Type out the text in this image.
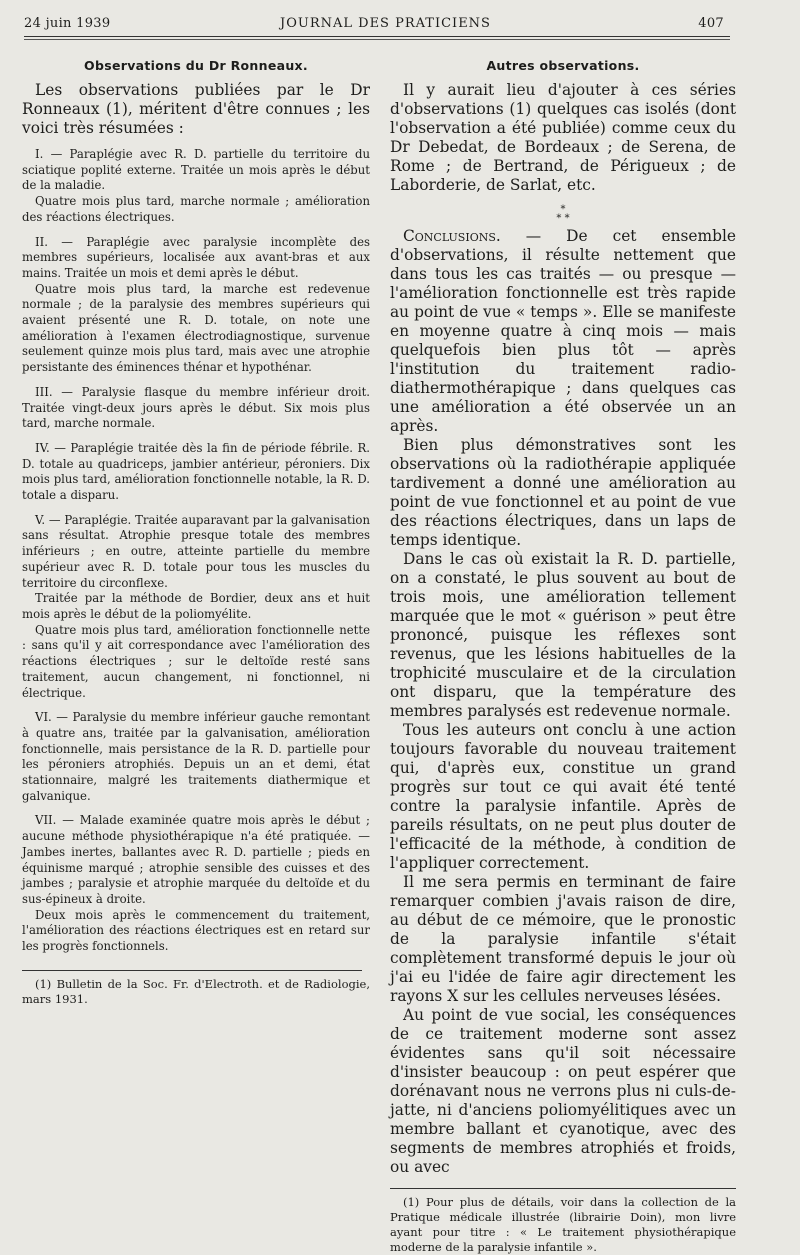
24 juin 1939	JOURNAL DES PRATICIENS	407

Observations du Dr Ronneaux.

Les observations publiées par le Dr Ronneaux (1), méritent d'être connues ; les voici très résumées :

I. — Paraplégie avec R. D. partielle du territoire du sciatique poplité externe. Traitée un mois après le début de la maladie.

Quatre mois plus tard, marche normale ; amélioration des réactions électriques.

II. — Paraplégie avec paralysie incomplète des membres supérieurs, localisée aux avant-bras et aux mains. Traitée un mois et demi après le début.

Quatre mois plus tard, la marche est redevenue normale ; de la paralysie des membres supérieurs qui avaient présenté une R. D. totale, on note une amélioration à l'examen électrodiagnostique, survenue seulement quinze mois plus tard, mais avec une atrophie persistante des éminences thénar et hypothénar.

III. — Paralysie flasque du membre inférieur droit. Traitée vingt-deux jours après le début. Six mois plus tard, marche normale.

IV. — Paraplégie traitée dès la fin de période fébrile. R. D. totale au quadriceps, jambier antérieur, péroniers. Dix mois plus tard, amélioration fonctionnelle notable, la R. D. totale a disparu.

V. — Paraplégie. Traitée auparavant par la galvanisation sans résultat. Atrophie presque totale des membres inférieurs ; en outre, atteinte partielle du membre supérieur avec R. D. totale pour tous les muscles du territoire du circonflexe.

Traitée par la méthode de Bordier, deux ans et huit mois après le début de la poliomyélite.

Quatre mois plus tard, amélioration fonctionnelle nette : sans qu'il y ait correspondance avec l'amélioration des réactions électriques ; sur le deltoïde resté sans traitement, aucun changement, ni fonctionnel, ni électrique.

VI. — Paralysie du membre inférieur gauche remontant à quatre ans, traitée par la galvanisation, amélioration fonctionnelle, mais persistance de la R. D. partielle pour les péroniers atrophiés. Depuis un an et demi, état stationnaire, malgré les traitements diathermique et galvanique.

VII. — Malade examinée quatre mois après le début ; aucune méthode physiothérapique n'a été pratiquée. — Jambes inertes, ballantes avec R. D. partielle ; pieds en équinisme marqué ; atrophie sensible des cuisses et des jambes ; paralysie et atrophie marquée du deltoïde et du sus-épineux à droite.

Deux mois après le commencement du traitement, l'amélioration des réactions électriques est en retard sur les progrès fonctionnels.

(1) Bulletin de la Soc. Fr. d'Electroth. et de Radiologie, mars 1931.

Autres observations.

Il y aurait lieu d'ajouter à ces séries d'observations (1) quelques cas isolés (dont l'observation a été publiée) comme ceux du Dr Debedat, de Bordeaux ; de Serena, de Rome ; de Bertrand, de Périgueux ; de Laborderie, de Sarlat, etc.

*
* *

Conclusions. — De cet ensemble d'observations, il résulte nettement que dans tous les cas traités — ou presque — l'amélioration fonctionnelle est très rapide au point de vue « temps ». Elle se manifeste en moyenne quatre à cinq mois — mais quelquefois bien plus tôt — après l'institution du traitement radio-diathermothérapique ; dans quelques cas une amélioration a été observée un an après.

Bien plus démonstratives sont les observations où la radiothérapie appliquée tardivement a donné une amélioration au point de vue fonctionnel et au point de vue des réactions électriques, dans un laps de temps identique.

Dans le cas où existait la R. D. partielle, on a constaté, le plus souvent au bout de trois mois, une amélioration tellement marquée que le mot « guérison » peut être prononcé, puisque les réflexes sont revenus, que les lésions habituelles de la trophicité musculaire et de la circulation ont disparu, que la température des membres paralysés est redevenue normale.

Tous les auteurs ont conclu à une action toujours favorable du nouveau traitement qui, d'après eux, constitue un grand progrès sur tout ce qui avait été tenté contre la paralysie infantile. Après de pareils résultats, on ne peut plus douter de l'efficacité de la méthode, à condition de l'appliquer correctement.

Il me sera permis en terminant de faire remarquer combien j'avais raison de dire, au début de ce mémoire, que le pronostic de la paralysie infantile s'était complètement transformé depuis le jour où j'ai eu l'idée de faire agir directement les rayons X sur les cellules nerveuses lésées.

Au point de vue social, les conséquences de ce traitement moderne sont assez évidentes sans qu'il soit nécessaire d'insister beaucoup : on peut espérer que dorénavant nous ne verrons plus ni culs-de-jatte, ni d'anciens poliomyélitiques avec un membre ballant et cyanotique, avec des segments de membres atrophiés et froids, ou avec

(1) Pour plus de détails, voir dans la collection de la Pratique médicale illustrée (librairie Doin), mon livre ayant pour titre : « Le traitement physiothérapique moderne de la paralysie infantile ».
